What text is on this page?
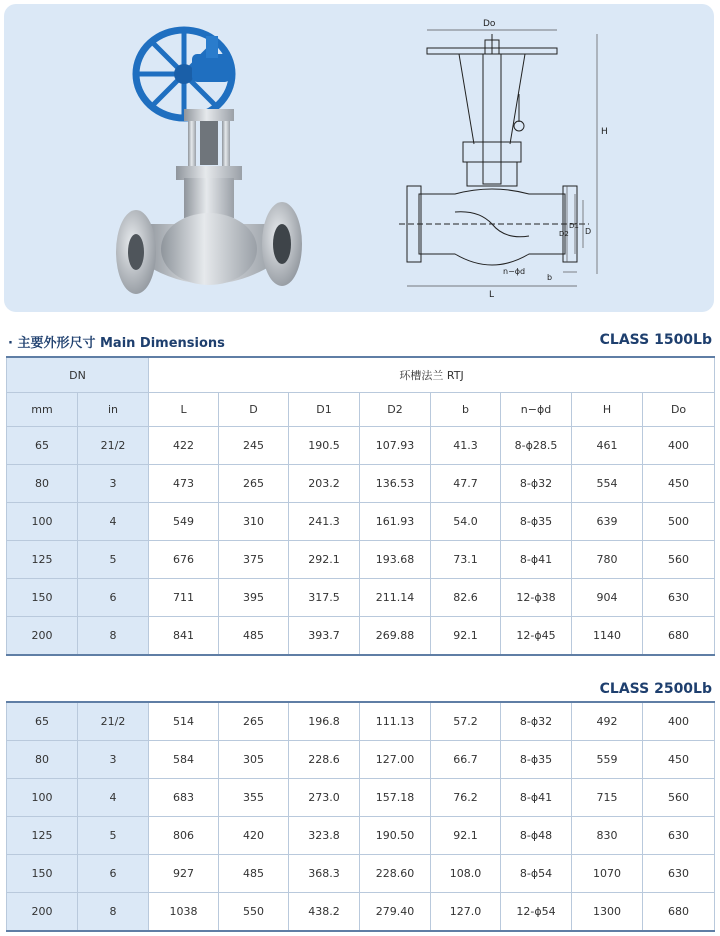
Do
H
D2
D1
D
n−ϕd
b
L
· 主要外形尺寸 Main Dimensions	CLASS 1500Lb
DN		环槽法兰 RTJ							
mm	in	L	D	D1	D2	b	n−ϕd	H	Do
65	21/2	422	245	190.5	107.93	41.3	8-ϕ28.5	461	400
80	3	473	265	203.2	136.53	47.7	8-ϕ32	554	450
100	4	549	310	241.3	161.93	54.0	8-ϕ35	639	500
125	5	676	375	292.1	193.68	73.1	8-ϕ41	780	560
150	6	711	395	317.5	211.14	82.6	12-ϕ38	904	630
200	8	841	485	393.7	269.88	92.1	12-ϕ45	1140	680
CLASS 2500Lb
65	21/2	514	265	196.8	111.13	57.2	8-ϕ32	492	400
80	3	584	305	228.6	127.00	66.7	8-ϕ35	559	450
100	4	683	355	273.0	157.18	76.2	8-ϕ41	715	560
125	5	806	420	323.8	190.50	92.1	8-ϕ48	830	630
150	6	927	485	368.3	228.60	108.0	8-ϕ54	1070	630
200	8	1038	550	438.2	279.40	127.0	12-ϕ54	1300	680
